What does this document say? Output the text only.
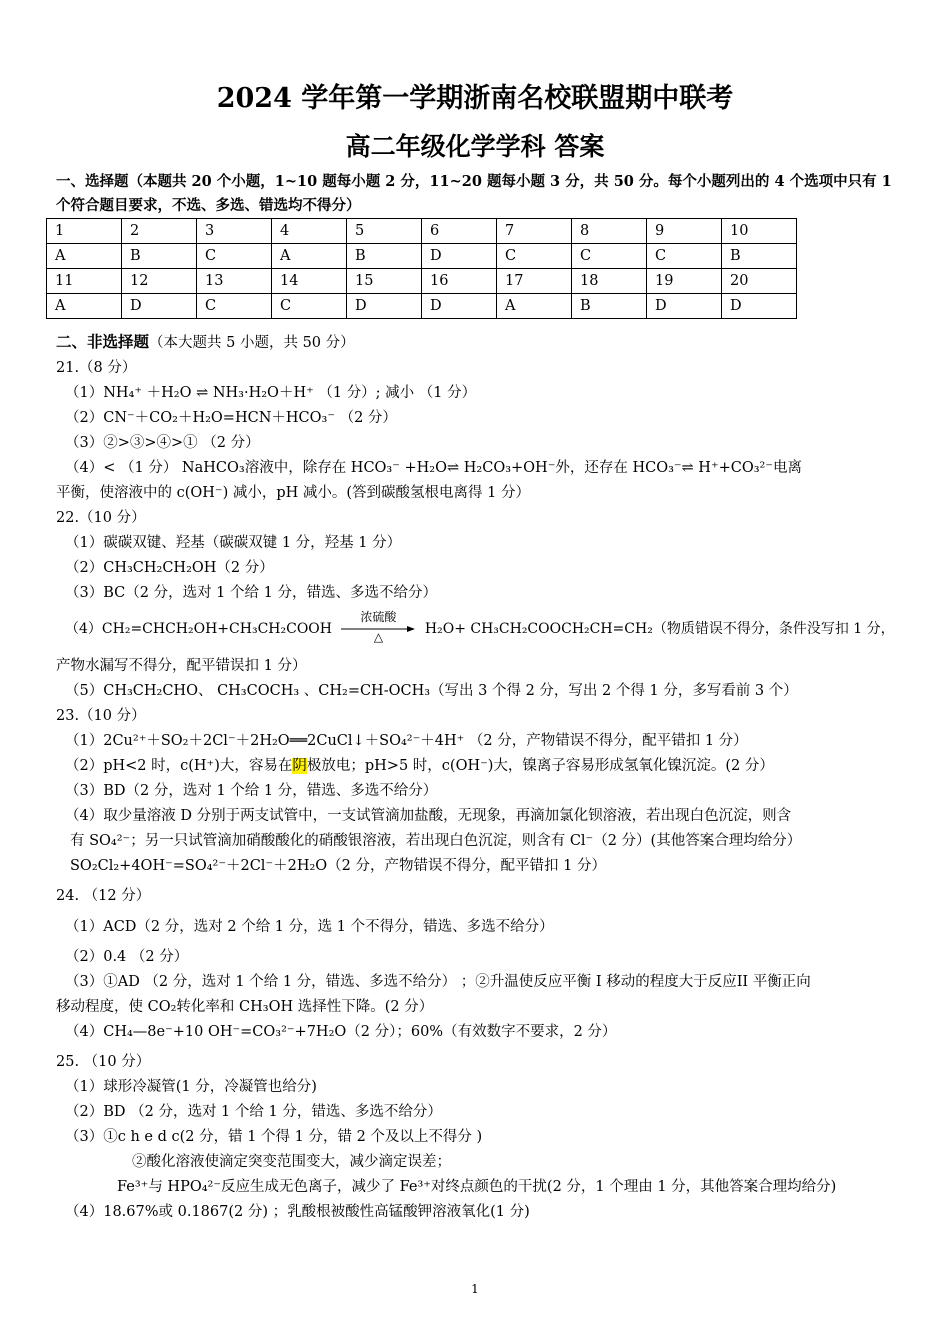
2024 学年第一学期浙南名校联盟期中联考
高二年级化学学科 答案
一、选择题（本题共 20 个小题，1~10 题每小题 2 分，11~20 题每小题 3 分，共 50 分。每个小题列出的 4 个选项中只有 1 个符合题目要求，不选、多选、错选均不得分）
1	2	3	4	5	6	7	8	9	10
A	B	C	A	B	D	C	C	C	B
11	12	13	14	15	16	17	18	19	20
A	D	C	C	D	D	A	B	D	D
二、非选择题（本大题共 5 小题，共 50 分）
21.（8 分）
（1）NH₄⁺ ＋H₂O ⇌ NH₃·H₂O＋H⁺ （1 分）; 减小 （1 分）
（2）CN⁻＋CO₂＋H₂O=HCN＋HCO₃⁻ （2 分）
（3）②>③>④>① （2 分）
（4）< （1 分） NaHCO₃溶液中，除存在 HCO₃⁻ +H₂O⇌ H₂CO₃+OH⁻外，还存在 HCO₃⁻⇌ H⁺+CO₃²⁻电离
平衡，使溶液中的 c(OH⁻) 减小，pH 减小。(答到碳酸氢根电离得 1 分）
22.（10 分）
（1）碳碳双键、羟基（碳碳双键 1 分，羟基 1 分）
（2）CH₃CH₂CH₂OH（2 分）
（3）BC（2 分，选对 1 个给 1 分，错选、多选不给分）
（4）CH₂=CHCH₂OH+CH₃CH₂COOH
浓硫酸
△	H₂O+ CH₃CH₂COOCH₂CH=CH₂（物质错误不得分，条件没写扣 1 分，
产物水漏写不得分，配平错误扣 1 分）
（5）CH₃CH₂CHO、 CH₃COCH₃ 、CH₂=CH-OCH₃（写出 3 个得 2 分，写出 2 个得 1 分，多写看前 3 个）
23.（10 分）
（1）2Cu²⁺＋SO₂＋2Cl⁻＋2H₂O══2CuCl↓＋SO₄²⁻＋4H⁺ （2 分，产物错误不得分，配平错扣 1 分）
（2）pH<2 时，c(H⁺)大，容易在阴极放电；pH>5 时，c(OH⁻)大，镍离子容易形成氢氧化镍沉淀。(2 分）
（3）BD（2 分，选对 1 个给 1 分，错选、多选不给分）
（4）取少量溶液 D 分别于两支试管中，一支试管滴加盐酸，无现象，再滴加氯化钡溶液，若出现白色沉淀，则含
有 SO₄²⁻；另一只试管滴加硝酸酸化的硝酸银溶液，若出现白色沉淀，则含有 Cl⁻（2 分）(其他答案合理均给分）
SO₂Cl₂+4OH⁻=SO₄²⁻＋2Cl⁻＋2H₂O（2 分，产物错误不得分，配平错扣 1 分）
24. （12 分）
（1）ACD（2 分，选对 2 个给 1 分，选 1 个不得分，错选、多选不给分）
（2）0.4 （2 分）
（3）①AD （2 分，选对 1 个给 1 分，错选、多选不给分） ；②升温使反应平衡 I 移动的程度大于反应II 平衡正向
移动程度，使 CO₂转化率和 CH₃OH 选择性下降。(2 分）
（4）CH₄—8e⁻+10 OH⁻=CO₃²⁻+7H₂O（2 分）；60%（有效数字不要求，2 分）
25. （10 分）
（1）球形冷凝管(1 分，冷凝管也给分)
（2）BD （2 分，选对 1 个给 1 分，错选、多选不给分）
（3）①c h e d c(2 分，错 1 个得 1 分，错 2 个及以上不得分 )
②酸化溶液使滴定突变范围变大，减少滴定误差；
Fe³⁺与 HPO₄²⁻反应生成无色离子，减少了 Fe³⁺对终点颜色的干扰(2 分，1 个理由 1 分，其他答案合理均给分)
（4）18.67%或 0.1867(2 分) ；乳酸根被酸性高锰酸钾溶液氧化(1 分)
1
